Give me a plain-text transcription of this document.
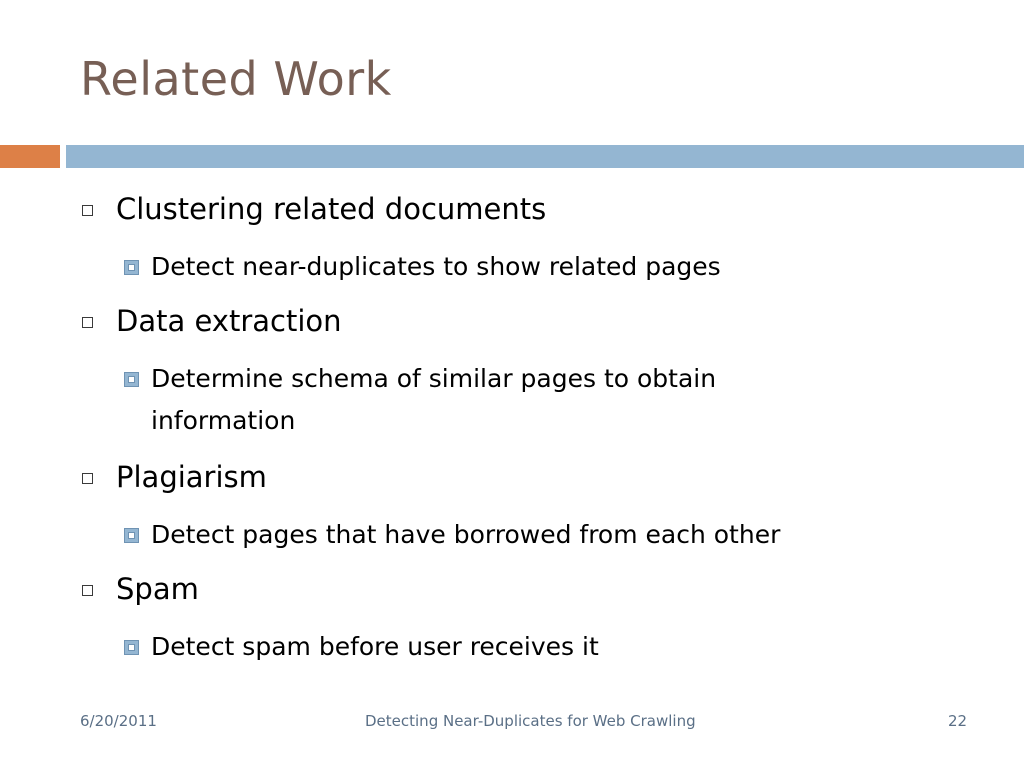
Related Work
Clustering related documents
Detect near-duplicates to show related pages
Data extraction
Determine schema of similar pages to obtain information
Plagiarism
Detect pages that have borrowed from each other
Spam
Detect spam before user receives it
6/20/2011	Detecting Near-Duplicates for Web Crawling	22
